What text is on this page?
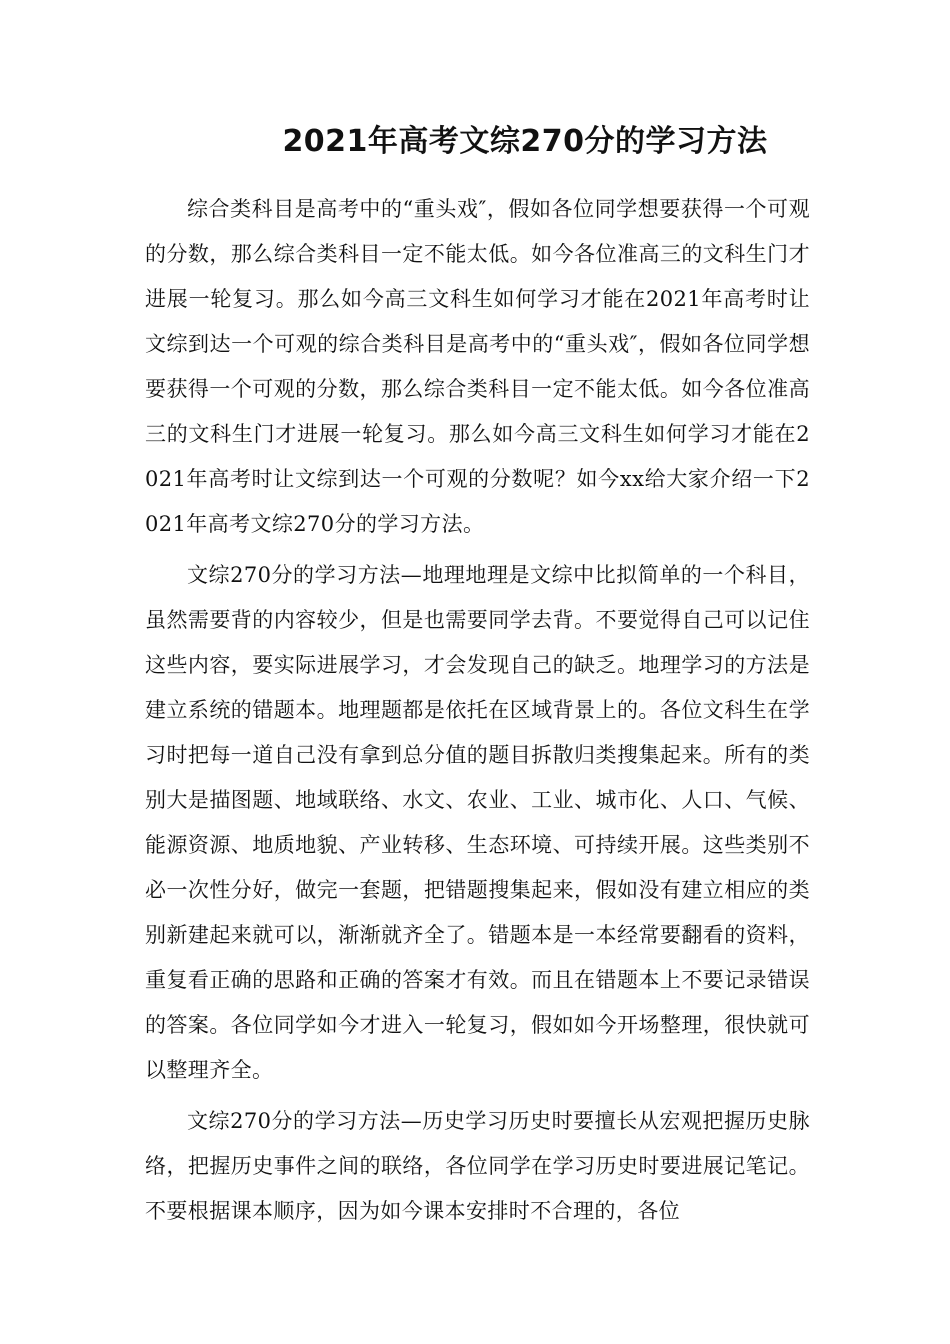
2021年高考文综270分的学习方法

综合类科目是高考中的“重头戏″，假如各位同学想要获得一个可观的分数，那么综合类科目一定不能太低。如今各位准高三的文科生门才进展一轮复习。那么如今高三文科生如何学习才能在2021年高考时让文综到达一个可观的综合类科目是高考中的“重头戏″，假如各位同学想要获得一个可观的分数，那么综合类科目一定不能太低。如今各位准高三的文科生门才进展一轮复习。那么如今高三文科生如何学习才能在2021年高考时让文综到达一个可观的分数呢？如今xx给大家介绍一下2021年高考文综270分的学习方法。

文综270分的学习方法—地理地理是文综中比拟简单的一个科目，虽然需要背的内容较少，但是也需要同学去背。不要觉得自己可以记住这些内容，要实际进展学习，才会发现自己的缺乏。地理学习的方法是建立系统的错题本。地理题都是依托在区域背景上的。各位文科生在学习时把每一道自己没有拿到总分值的题目拆散归类搜集起来。所有的类别大是描图题、地域联络、水文、农业、工业、城市化、人口、气候、能源资源、地质地貌、产业转移、生态环境、可持续开展。这些类别不必一次性分好，做完一套题，把错题搜集起来，假如没有建立相应的类别新建起来就可以，渐渐就齐全了。错题本是一本经常要翻看的资料，重复看正确的思路和正确的答案才有效。而且在错题本上不要记录错误的答案。各位同学如今才进入一轮复习，假如如今开场整理，很快就可以整理齐全。

文综270分的学习方法—历史学习历史时要擅长从宏观把握历史脉络，把握历史事件之间的联络，各位同学在学习历史时要进展记笔记。不要根据课本顺序，因为如今课本安排时不合理的，各位
